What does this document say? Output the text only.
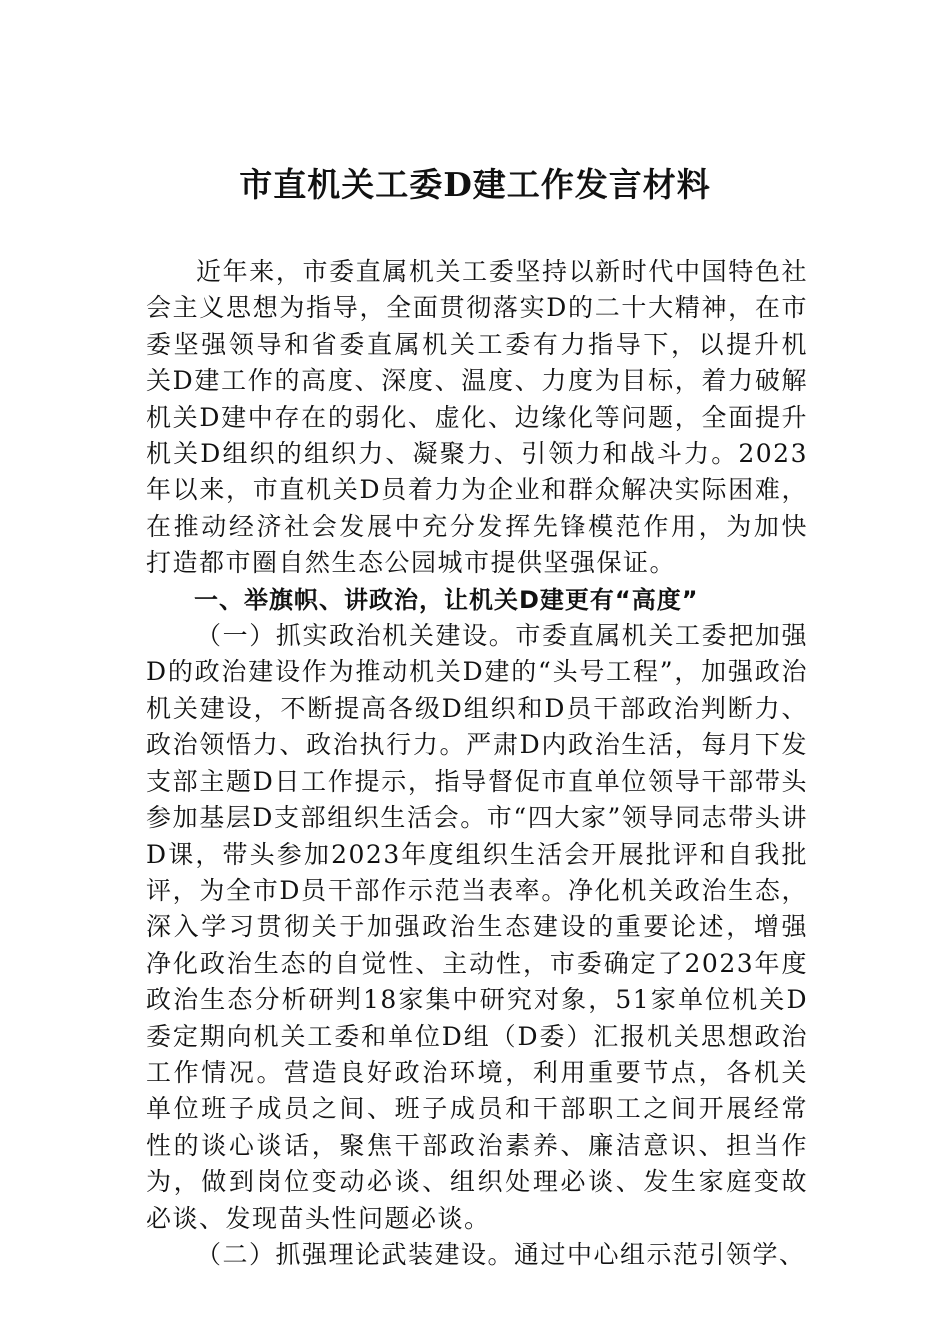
市直机关工委D建工作发言材料

近年来，市委直属机关工委坚持以新时代中国特色社会主义思想为指导，全面贯彻落实D的二十大精神，在市委坚强领导和省委直属机关工委有力指导下，以提升机关D建工作的高度、深度、温度、力度为目标，着力破解机关D建中存在的弱化、虚化、边缘化等问题，全面提升机关D组织的组织力、凝聚力、引领力和战斗力。2023年以来，市直机关D员着力为企业和群众解决实际困难，在推动经济社会发展中充分发挥先锋模范作用，为加快打造都市圈自然生态公园城市提供坚强保证。

一、举旗帜、讲政治，让机关D建更有“高度”

（一）抓实政治机关建设。市委直属机关工委把加强D的政治建设作为推动机关D建的“头号工程”，加强政治机关建设，不断提高各级D组织和D员干部政治判断力、政治领悟力、政治执行力。严肃D内政治生活，每月下发支部主题D日工作提示，指导督促市直单位领导干部带头参加基层D支部组织生活会。市“四大家”领导同志带头讲D课，带头参加2023年度组织生活会开展批评和自我批评，为全市D员干部作示范当表率。净化机关政治生态，深入学习贯彻关于加强政治生态建设的重要论述，增强净化政治生态的自觉性、主动性，市委确定了2023年度政治生态分析研判18家集中研究对象，51家单位机关D委定期向机关工委和单位D组（D委）汇报机关思想政治工作情况。营造良好政治环境，利用重要节点，各机关单位班子成员之间、班子成员和干部职工之间开展经常性的谈心谈话，聚焦干部政治素养、廉洁意识、担当作为，做到岗位变动必谈、组织处理必谈、发生家庭变故必谈、发现苗头性问题必谈。

（二）抓强理论武装建设。通过中心组示范引领学、
